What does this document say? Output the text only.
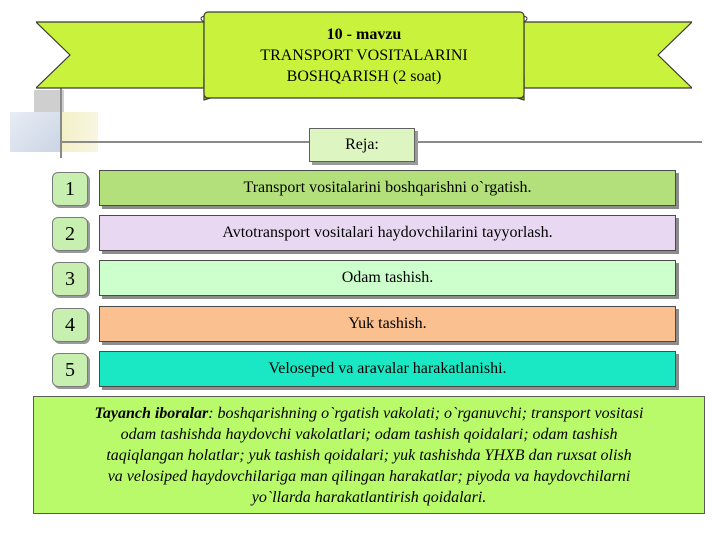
10 - mavzu
TRANSPORT VOSITALARINI
BOSHQARISH (2 soat)
Reja:
1	Transport vositalarini boshqarishni o`rgatish.
2	Avtotransport vositalari haydovchilarini tayyorlash.
3	Odam tashish.
4	Yuk tashish.
5	Veloseped va aravalar harakatlanishi.
Tayanch iboralar: boshqarishning o`rgatish vakolati; o`rganuvchi; transport vositasi
odam tashishda haydovchi vakolatlari; odam tashish qoidalari; odam tashish
taqiqlangan holatlar; yuk tashish qoidalari; yuk tashishda YHXB dan ruxsat olish
va velosiped haydovchilariga man qilingan harakatlar; piyoda va haydovchilarni
yo`llarda harakatlantirish qoidalari.
